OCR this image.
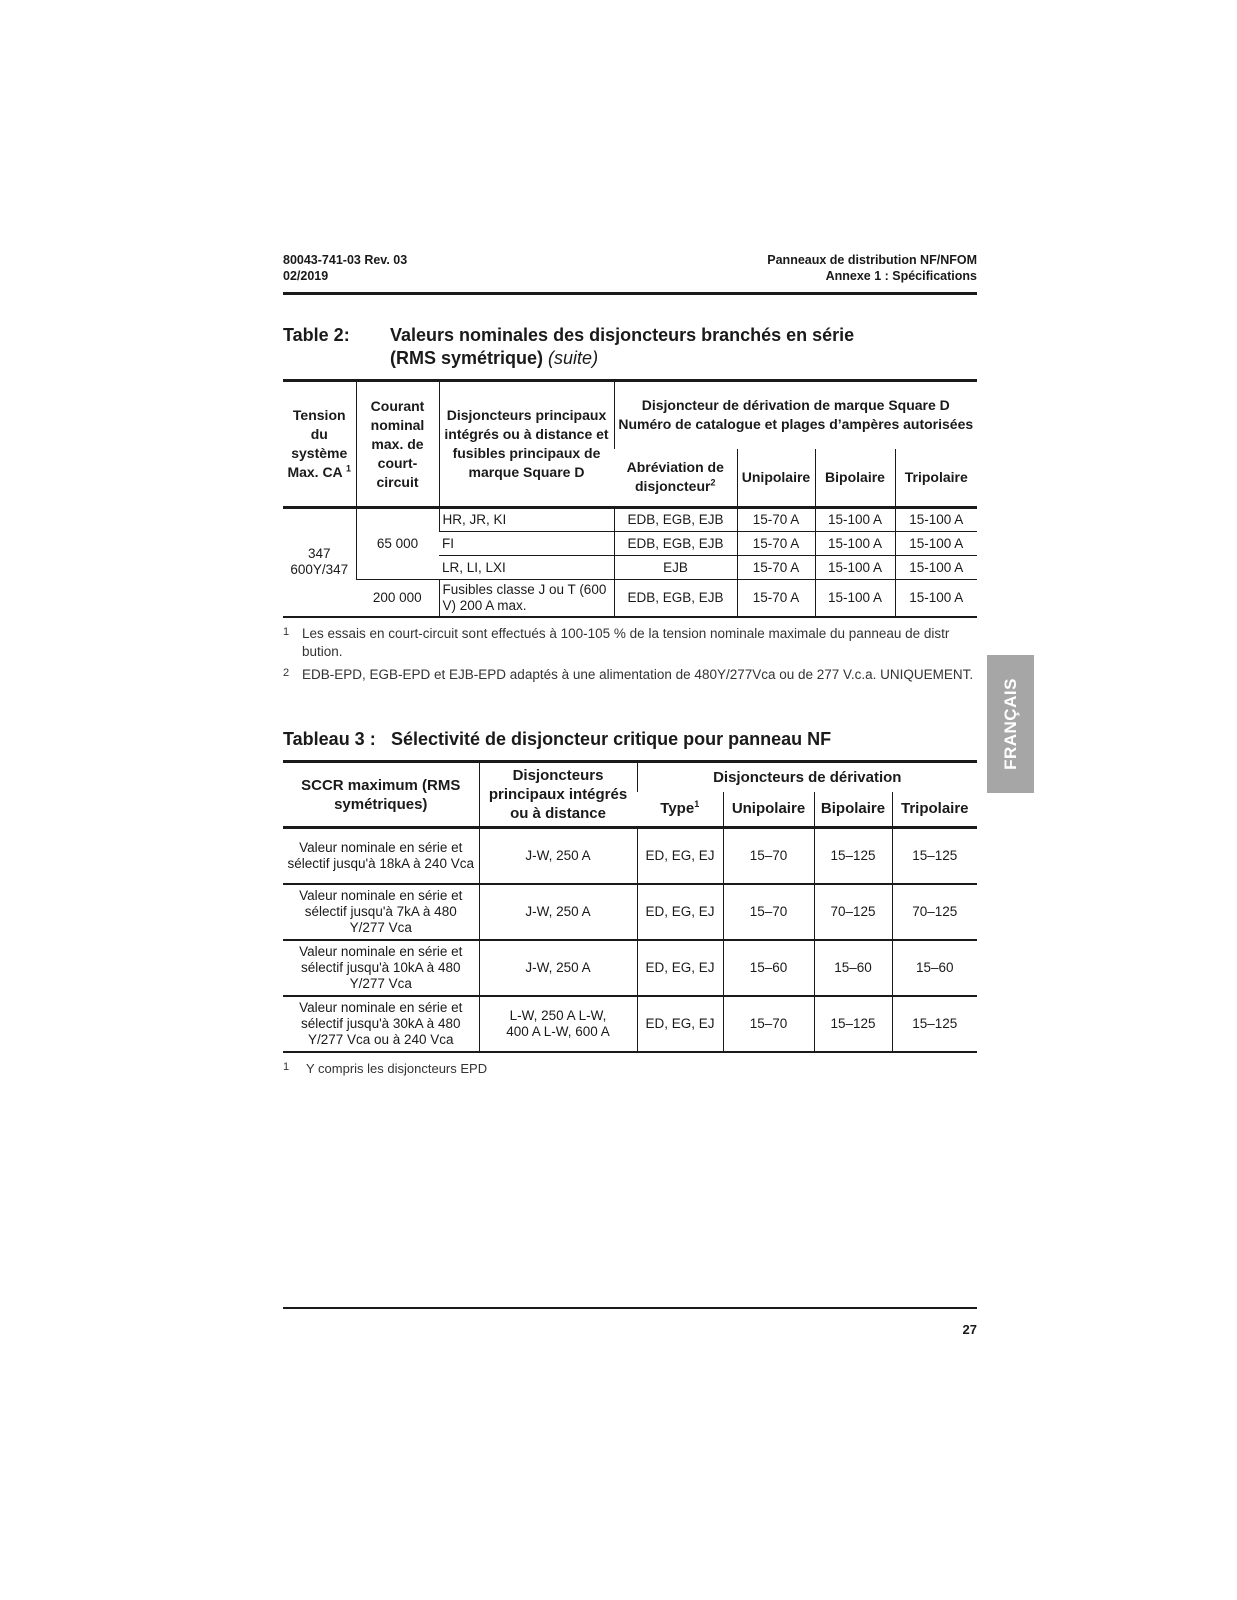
80043-741-03 Rev. 03
02/2019
Panneaux de distribution NF/NFOM
Annexe 1 : Spécifications
Table 2: Valeurs nominales des disjoncteurs branchés en série
(RMS symétrique) (suite)
Tension du système Max. CA $^1$	Courant nominal max. de court-circuit	Disjoncteurs principaux intégrés ou à distance et fusibles principaux de marque Square D	Disjoncteur de dérivation de marque Square D Numéro de catalogue et plages d’ampères autorisées			
			Abréviation de disjoncteur$^2$	Unipolaire	Bipolaire	Tripolaire
347 600Y/347	65 000	HR, JR, KI	EDB, EGB, EJB	15-70 A	15-100 A	15-100 A
		FI	EDB, EGB, EJB	15-70 A	15-100 A	15-100 A
		LR, LI, LXI	EJB	15-70 A	15-100 A	15-100 A
	200 000	Fusibles classe J ou T (600 V) 200 A max.	EDB, EGB, EJB	15-70 A	15-100 A	15-100 A
1 Les essais en court-circuit sont effectués à 100-105 % de la tension nominale maximale du panneau de distr bution.
2 EDB-EPD, EGB-EPD et EJB-EPD adaptés à une alimentation de 480Y/277Vca ou de 277 V.c.a. UNIQUEMENT.
Tableau 3 : Sélectivité de disjoncteur critique pour panneau NF
SCCR maximum (RMS symétriques)	Disjoncteurs principaux intégrés ou à distance	Disjoncteurs de dérivation			
		Type$^1$	Unipolaire	Bipolaire	Tripolaire
Valeur nominale en série et sélectif jusqu'à 18kA à 240 Vca	J-W, 250 A	ED, EG, EJ	15–70	15–125	15–125
Valeur nominale en série et sélectif jusqu'à 7kA à 480 Y/277 Vca	J-W, 250 A	ED, EG, EJ	15–70	70–125	70–125
Valeur nominale en série et sélectif jusqu'à 10kA à 480 Y/277 Vca	J-W, 250 A	ED, EG, EJ	15–60	15–60	15–60
Valeur nominale en série et sélectif jusqu'à 30kA à 480 Y/277 Vca ou à 240 Vca	L-W, 250 A L-W, 400 A L-W, 600 A	ED, EG, EJ	15–70	15–125	15–125
1 Y compris les disjoncteurs EPD
FRANÇAIS
27
